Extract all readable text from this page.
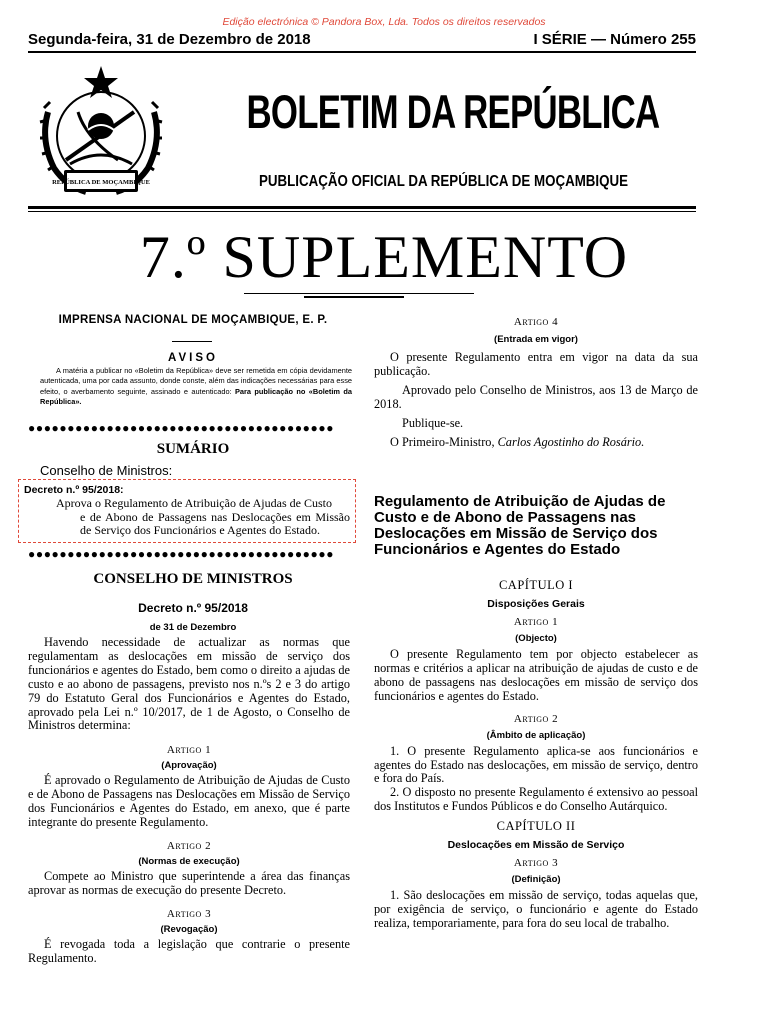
Edição electrónica © Pandora Box, Lda. Todos os direitos reservados
Segunda-feira, 31 de Dezembro de 2018	I SÉRIE — Número 255
REPÚBLICA DE MOÇAMBIQUE
BOLETIM DA REPÚBLICA
PUBLICAÇÃO OFICIAL DA REPÚBLICA DE MOÇAMBIQUE
7.º SUPLEMENTO
IMPRENSA NACIONAL DE MOÇAMBIQUE, E. P.
AVISO
A matéria a publicar no «Boletim da República» deve ser remetida em cópia devidamente autenticada, uma por cada assunto, donde conste, além das indicações necessárias para esse efeito, o averbamento seguinte, assinado e autenticado: Para publicação no «Boletim da República».
●●●●●●●●●●●●●●●●●●●●●●●●●●●●●●●●●●●●●●●
SUMÁRIO
Conselho de Ministros:
Decreto n.º 95/2018:
Aprova o Regulamento de Atribuição de Ajudas de Custo
e de Abono de Passagens nas Deslocações em Missão de Serviço dos Funcionários e Agentes do Estado.
●●●●●●●●●●●●●●●●●●●●●●●●●●●●●●●●●●●●●●●
CONSELHO DE MINISTROS
Decreto n.º 95/2018
de 31 de Dezembro

Havendo necessidade de actualizar as normas que regulamentam as deslocações em missão de serviço dos funcionários e agentes do Estado, bem como o direito a ajudas de custo e ao abono de passagens, previsto nos n.ºs 2 e 3 do artigo 79 do Estatuto Geral dos Funcionários e Agentes do Estado, aprovado pela Lei n.º 10/2017, de 1 de Agosto, o Conselho de Ministros determina:

Artigo 1
(Aprovação)

É aprovado o Regulamento de Atribuição de Ajudas de Custo e de Abono de Passagens nas Deslocações em Missão de Serviço dos Funcionários e Agentes do Estado, em anexo, que é parte integrante do presente Regulamento.

Artigo 2
(Normas de execução)

Compete ao Ministro que superintende a área das finanças aprovar as normas de execução do presente Decreto.

Artigo 3
(Revogação)

É revogada toda a legislação que contrarie o presente Regulamento.

Artigo 4
(Entrada em vigor)

O presente Regulamento entra em vigor na data da sua publicação.

Aprovado pelo Conselho de Ministros, aos 13 de Março de 2018.

Publique-se.

O Primeiro-Ministro, Carlos Agostinho do Rosário.

Regulamento de Atribuição de Ajudas de Custo e de Abono de Passagens nas Deslocações em Missão de Serviço dos Funcionários e Agentes do Estado
CAPÍTULO I
Disposições Gerais
Artigo 1
(Objecto)

O presente Regulamento tem por objecto estabelecer as normas e critérios a aplicar na atribuição de ajudas de custo e de abono de passagens nas deslocações em missão de serviço dos funcionários e agentes do Estado.

Artigo 2
(Âmbito de aplicação)

1. O presente Regulamento aplica-se aos funcionários e agentes do Estado nas deslocações, em missão de serviço, dentro e fora do País.

2. O disposto no presente Regulamento é extensivo ao pessoal dos Institutos e Fundos Públicos e do Conselho Autárquico.

CAPÍTULO II
Deslocações em Missão de Serviço
Artigo 3
(Definição)

1. São deslocações em missão de serviço, todas aquelas que, por exigência de serviço, o funcionário e agente do Estado realiza, temporariamente, para fora do seu local de trabalho.
